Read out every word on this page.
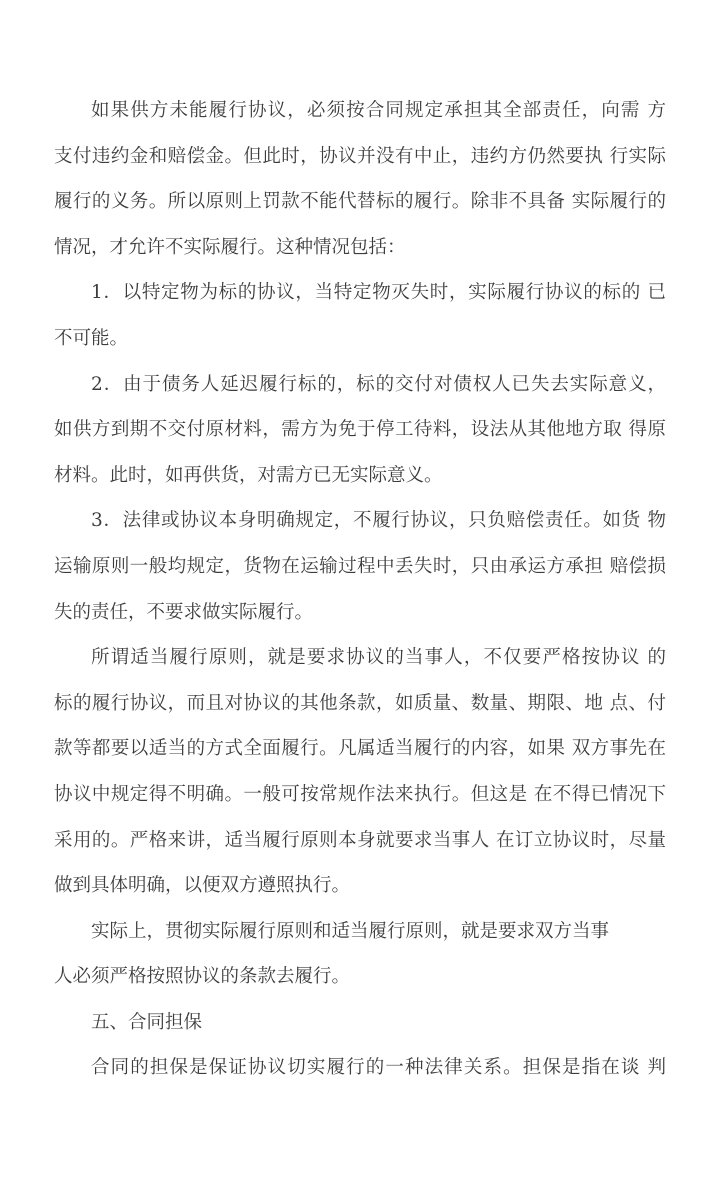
如果供方未能履行协议，必须按合同规定承担其全部责任，向需 方
支付违约金和赔偿金。但此时，协议并没有中止，违约方仍然要执 行实际
履行的义务。所以原则上罚款不能代替标的履行。除非不具备 实际履行的
情况，才允许不实际履行。这种情况包括：
1．以特定物为标的协议，当特定物灭失时，实际履行协议的标的 已
不可能。
2．由于债务人延迟履行标的，标的交付对债权人已失去实际意义，
如供方到期不交付原材料，需方为免于停工待料，设法从其他地方取 得原
材料。此时，如再供货，对需方已无实际意义。
3．法律或协议本身明确规定，不履行协议，只负赔偿责任。如货 物
运输原则一般均规定，货物在运输过程中丢失时，只由承运方承担 赔偿损
失的责任，不要求做实际履行。
所谓适当履行原则，就是要求协议的当事人，不仅要严格按协议 的
标的履行协议，而且对协议的其他条款，如质量、数量、期限、地 点、付
款等都要以适当的方式全面履行。凡属适当履行的内容，如果 双方事先在
协议中规定得不明确。一般可按常规作法来执行。但这是 在不得已情况下
采用的。严格来讲，适当履行原则本身就要求当事人 在订立协议时，尽量
做到具体明确，以便双方遵照执行。
实际上，贯彻实际履行原则和适当履行原则，就是要求双方当事
人必须严格按照协议的条款去履行。
五、合同担保
合同的担保是保证协议切实履行的一种法律关系。担保是指在谈 判
